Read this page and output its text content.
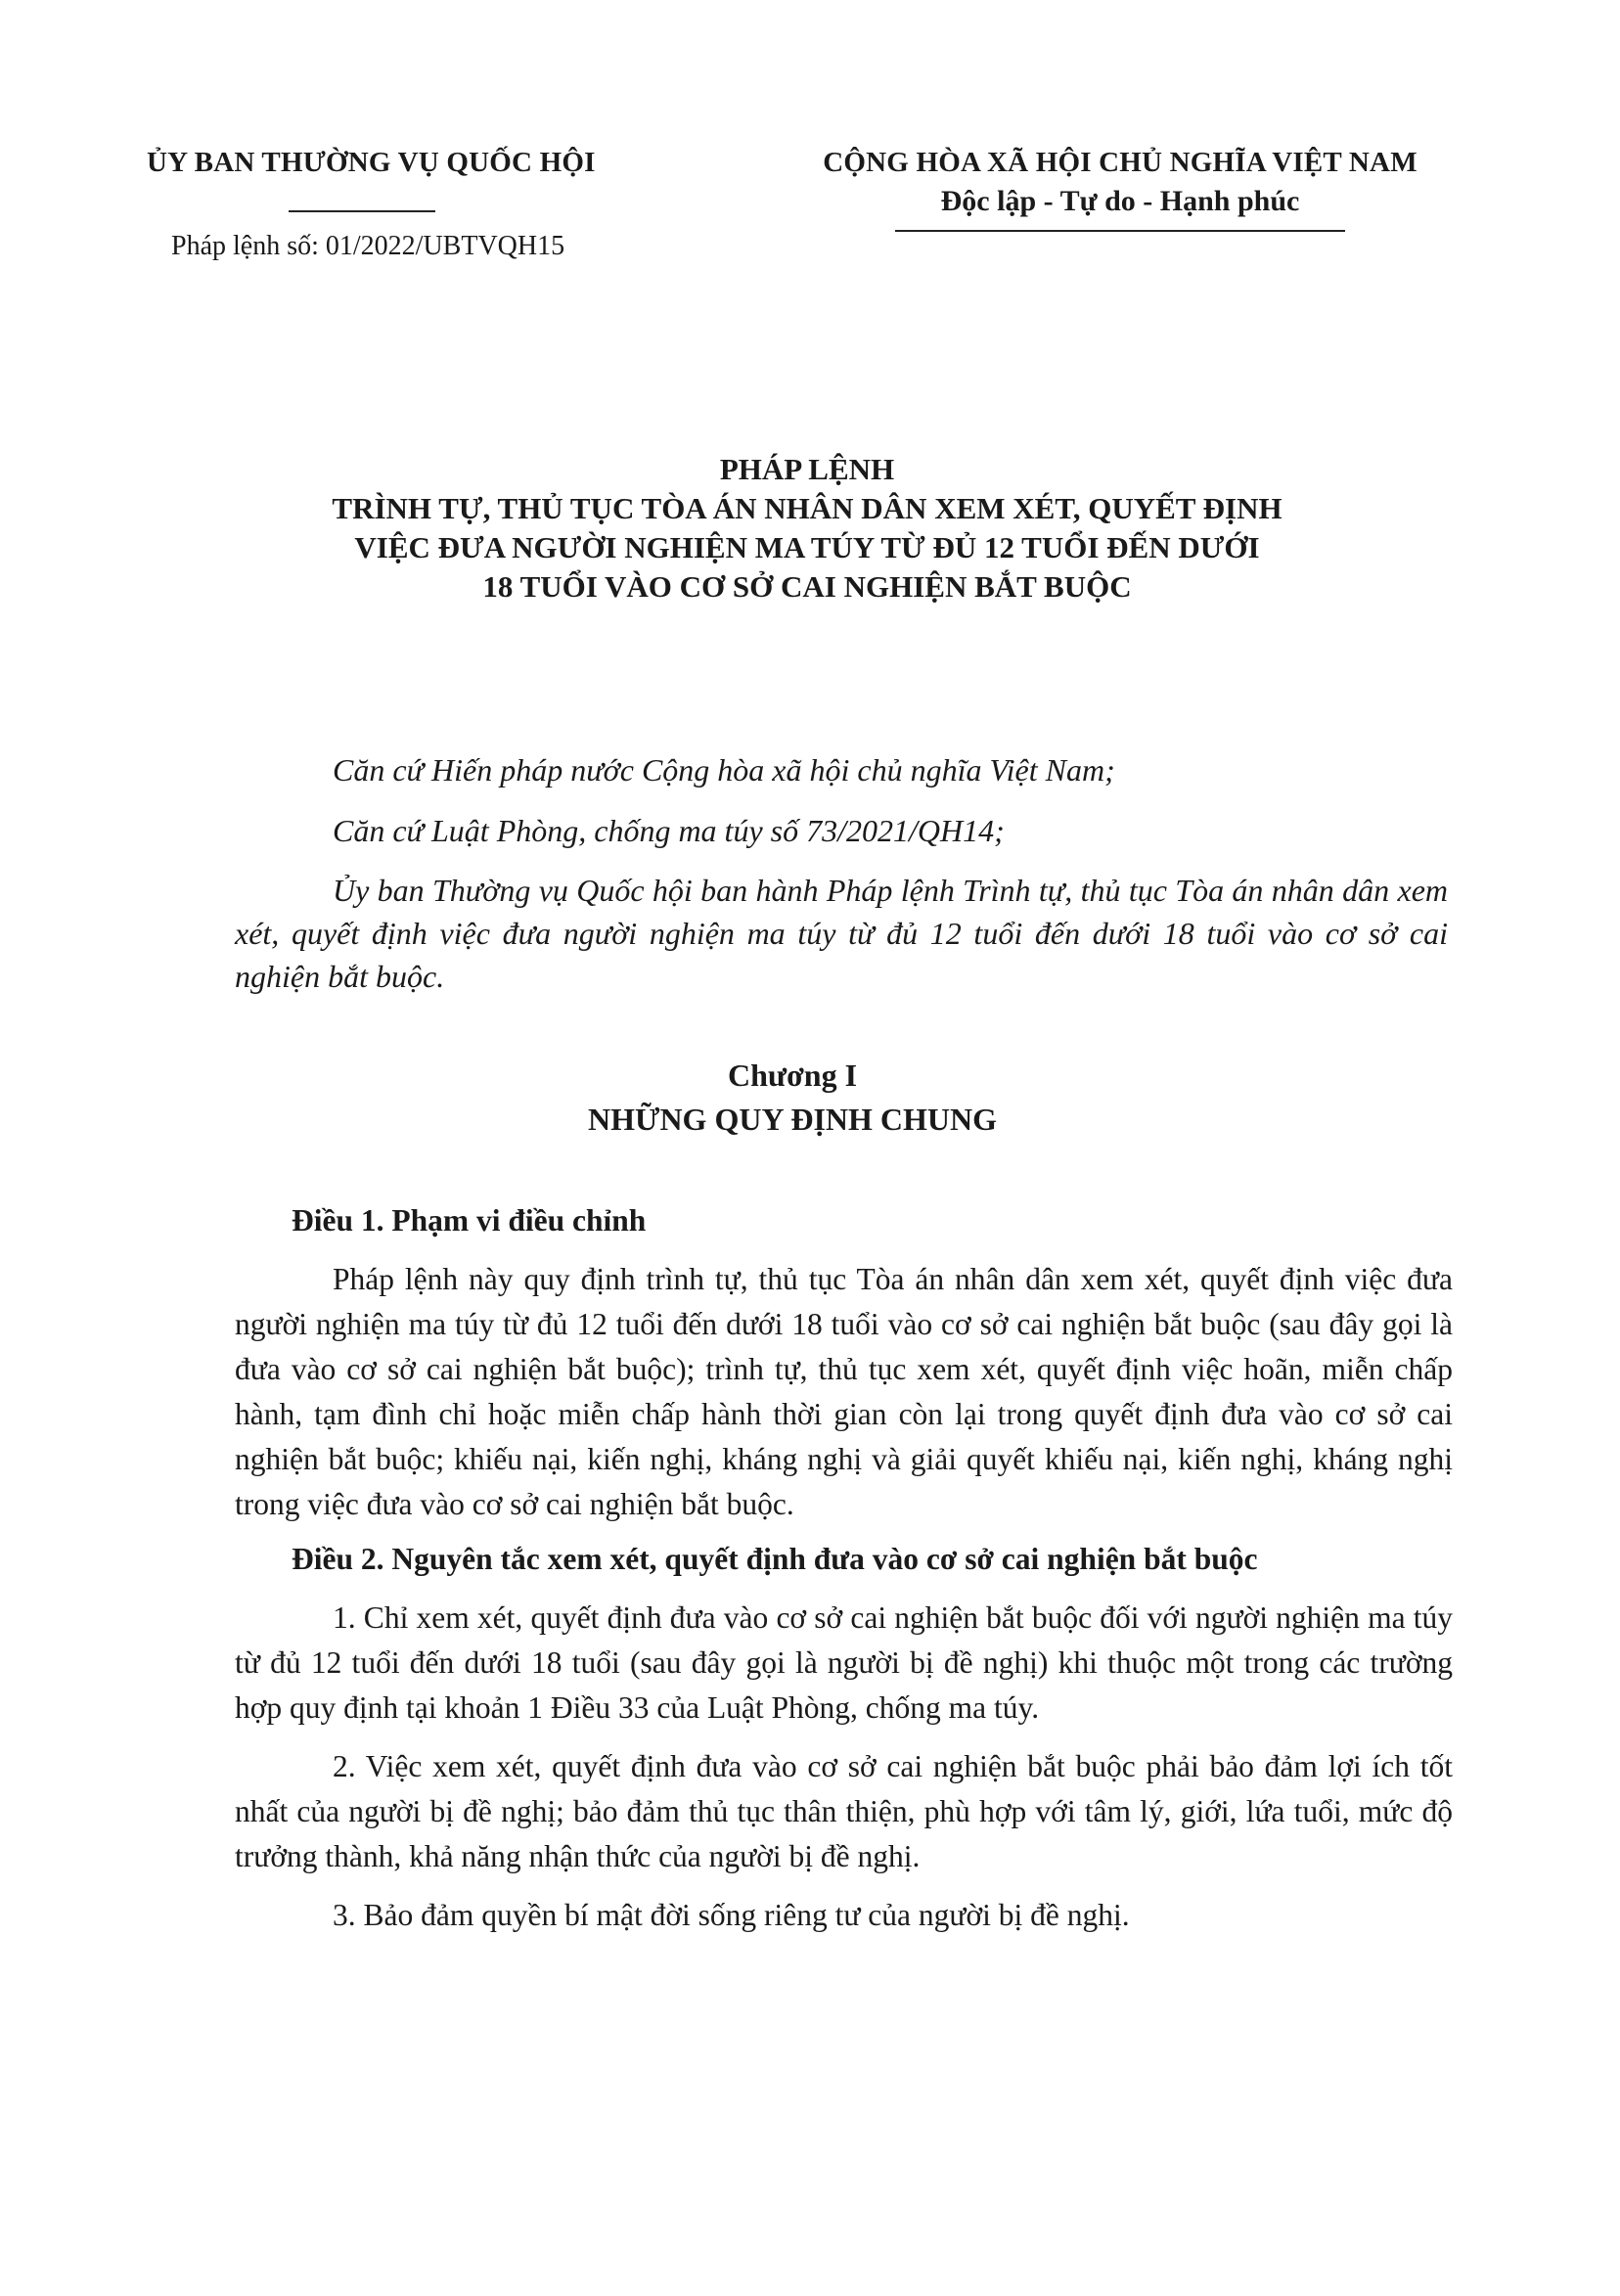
ỦY BAN THƯỜNG VỤ QUỐC HỘI
Pháp lệnh số: 01/2022/UBTVQH15
CỘNG HÒA XÃ HỘI CHỦ NGHĨA VIỆT NAM
Độc lập - Tự do - Hạnh phúc
PHÁP LỆNH
TRÌNH TỰ, THỦ TỤC TÒA ÁN NHÂN DÂN XEM XÉT, QUYẾT ĐỊNH
VIỆC ĐƯA NGƯỜI NGHIỆN MA TÚY TỪ ĐỦ 12 TUỔI ĐẾN DƯỚI
18 TUỔI VÀO CƠ SỞ CAI NGHIỆN BẮT BUỘC

Căn cứ Hiến pháp nước Cộng hòa xã hội chủ nghĩa Việt Nam;

Căn cứ Luật Phòng, chống ma túy số 73/2021/QH14;

Ủy ban Thường vụ Quốc hội ban hành Pháp lệnh Trình tự, thủ tục Tòa án nhân dân xem xét, quyết định việc đưa người nghiện ma túy từ đủ 12 tuổi đến dưới 18 tuổi vào cơ sở cai nghiện bắt buộc.

Chương I
NHỮNG QUY ĐỊNH CHUNG
Điều 1. Phạm vi điều chỉnh

Pháp lệnh này quy định trình tự, thủ tục Tòa án nhân dân xem xét, quyết định việc đưa người nghiện ma túy từ đủ 12 tuổi đến dưới 18 tuổi vào cơ sở cai nghiện bắt buộc (sau đây gọi là đưa vào cơ sở cai nghiện bắt buộc); trình tự, thủ tục xem xét, quyết định việc hoãn, miễn chấp hành, tạm đình chỉ hoặc miễn chấp hành thời gian còn lại trong quyết định đưa vào cơ sở cai nghiện bắt buộc; khiếu nại, kiến nghị, kháng nghị và giải quyết khiếu nại, kiến nghị, kháng nghị trong việc đưa vào cơ sở cai nghiện bắt buộc.

Điều 2. Nguyên tắc xem xét, quyết định đưa vào cơ sở cai nghiện bắt buộc

1. Chỉ xem xét, quyết định đưa vào cơ sở cai nghiện bắt buộc đối với người nghiện ma túy từ đủ 12 tuổi đến dưới 18 tuổi (sau đây gọi là người bị đề nghị) khi thuộc một trong các trường hợp quy định tại khoản 1 Điều 33 của Luật Phòng, chống ma túy.

2. Việc xem xét, quyết định đưa vào cơ sở cai nghiện bắt buộc phải bảo đảm lợi ích tốt nhất của người bị đề nghị; bảo đảm thủ tục thân thiện, phù hợp với tâm lý, giới, lứa tuổi, mức độ trưởng thành, khả năng nhận thức của người bị đề nghị.

3. Bảo đảm quyền bí mật đời sống riêng tư của người bị đề nghị.
